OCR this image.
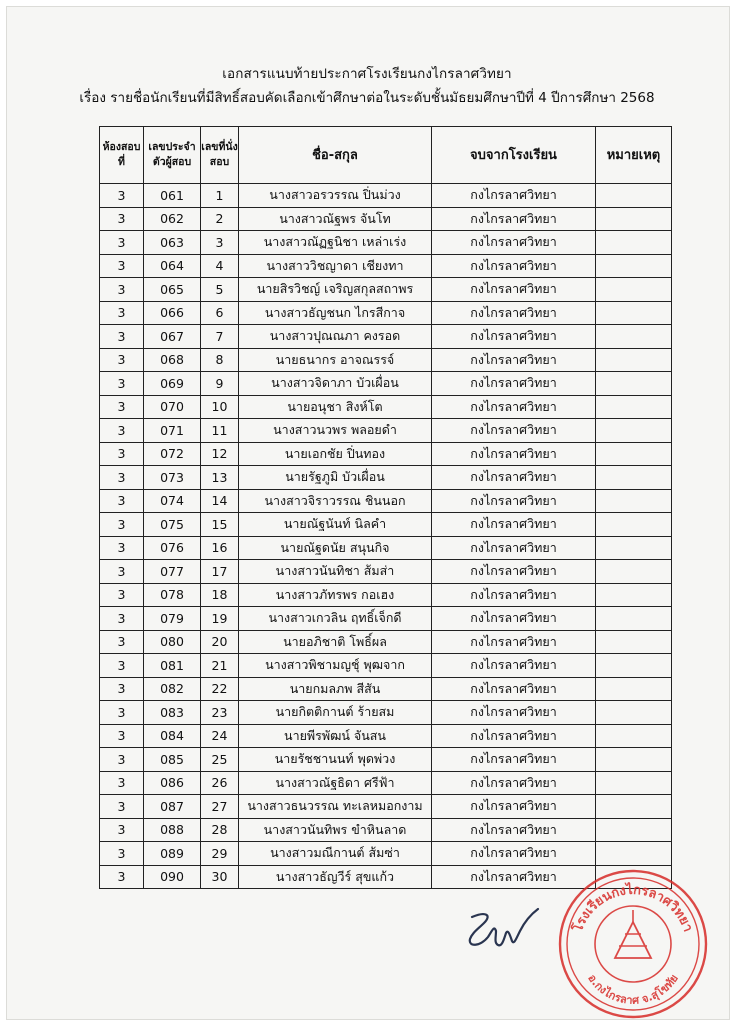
เอกสารแนบท้ายประกาศโรงเรียนกงไกรลาศวิทยา
เรื่อง รายชื่อนักเรียนที่มีสิทธิ์สอบคัดเลือกเข้าศึกษาต่อในระดับชั้นมัธยมศึกษาปีที่ 4 ปีการศึกษา 2568
ห้องสอบที่	เลขประจำตัวผู้สอบ	เลขที่นั่งสอบ	ชื่อ-สกุล	จบจากโรงเรียน	หมายเหตุ
3	061	1	นางสาวอรวรรณ ปิ่นม่วง	กงไกรลาศวิทยา	
3	062	2	นางสาวณัฐพร จันโท	กงไกรลาศวิทยา	
3	063	3	นางสาวณัฏฐนิชา เหล่าเร่ง	กงไกรลาศวิทยา	
3	064	4	นางสาววิชญาดา เชียงทา	กงไกรลาศวิทยา	
3	065	5	นายสิรวิชญ์ เจริญสกุลสถาพร	กงไกรลาศวิทยา	
3	066	6	นางสาวธัญชนก ไกรสีกาจ	กงไกรลาศวิทยา	
3	067	7	นางสาวปุณณภา คงรอด	กงไกรลาศวิทยา	
3	068	8	นายธนากร อาจณรรจ์	กงไกรลาศวิทยา	
3	069	9	นางสาวจิดาภา บัวเผื่อน	กงไกรลาศวิทยา	
3	070	10	นายอนุชา สิงห์โต	กงไกรลาศวิทยา	
3	071	11	นางสาวนวพร พลอยดำ	กงไกรลาศวิทยา	
3	072	12	นายเอกชัย ปิ่นทอง	กงไกรลาศวิทยา	
3	073	13	นายรัฐภูมิ บัวเผื่อน	กงไกรลาศวิทยา	
3	074	14	นางสาวจิราวรรณ ชินนอก	กงไกรลาศวิทยา	
3	075	15	นายณัฐนันท์ นิลคำ	กงไกรลาศวิทยา	
3	076	16	นายณัฐดนัย สนุนกิจ	กงไกรลาศวิทยา	
3	077	17	นางสาวนันทิชา ส้มส่า	กงไกรลาศวิทยา	
3	078	18	นางสาวภัทรพร กอเฮง	กงไกรลาศวิทยา	
3	079	19	นางสาวเกวลิน ฤทธิ์เจ็กดี	กงไกรลาศวิทยา	
3	080	20	นายอภิชาติ โพธิ์ผล	กงไกรลาศวิทยา	
3	081	21	นางสาวพิชามญชุ์ พุฒจาก	กงไกรลาศวิทยา	
3	082	22	นายกมลภพ สีสัน	กงไกรลาศวิทยา	
3	083	23	นายกิตติกานต์ ร้ายสม	กงไกรลาศวิทยา	
3	084	24	นายพีรพัฒน์ จันสน	กงไกรลาศวิทยา	
3	085	25	นายรัชชานนท์ พุดพ่วง	กงไกรลาศวิทยา	
3	086	26	นางสาวณัฐธิดา ศรีฟ้า	กงไกรลาศวิทยา	
3	087	27	นางสาวธนวรรณ ทะเลหมอกงาม	กงไกรลาศวิทยา	
3	088	28	นางสาวนันทิพร ขำหินลาด	กงไกรลาศวิทยา	
3	089	29	นางสาวมณีกานต์ ส้มซ่า	กงไกรลาศวิทยา	
3	090	30	นางสาวธัญวีร์ สุขแก้ว	กงไกรลาศวิทยา	
โรงเรียนกงไกรลาศวิทยา
อ.กงไกรลาศ จ.สุโขทัย
